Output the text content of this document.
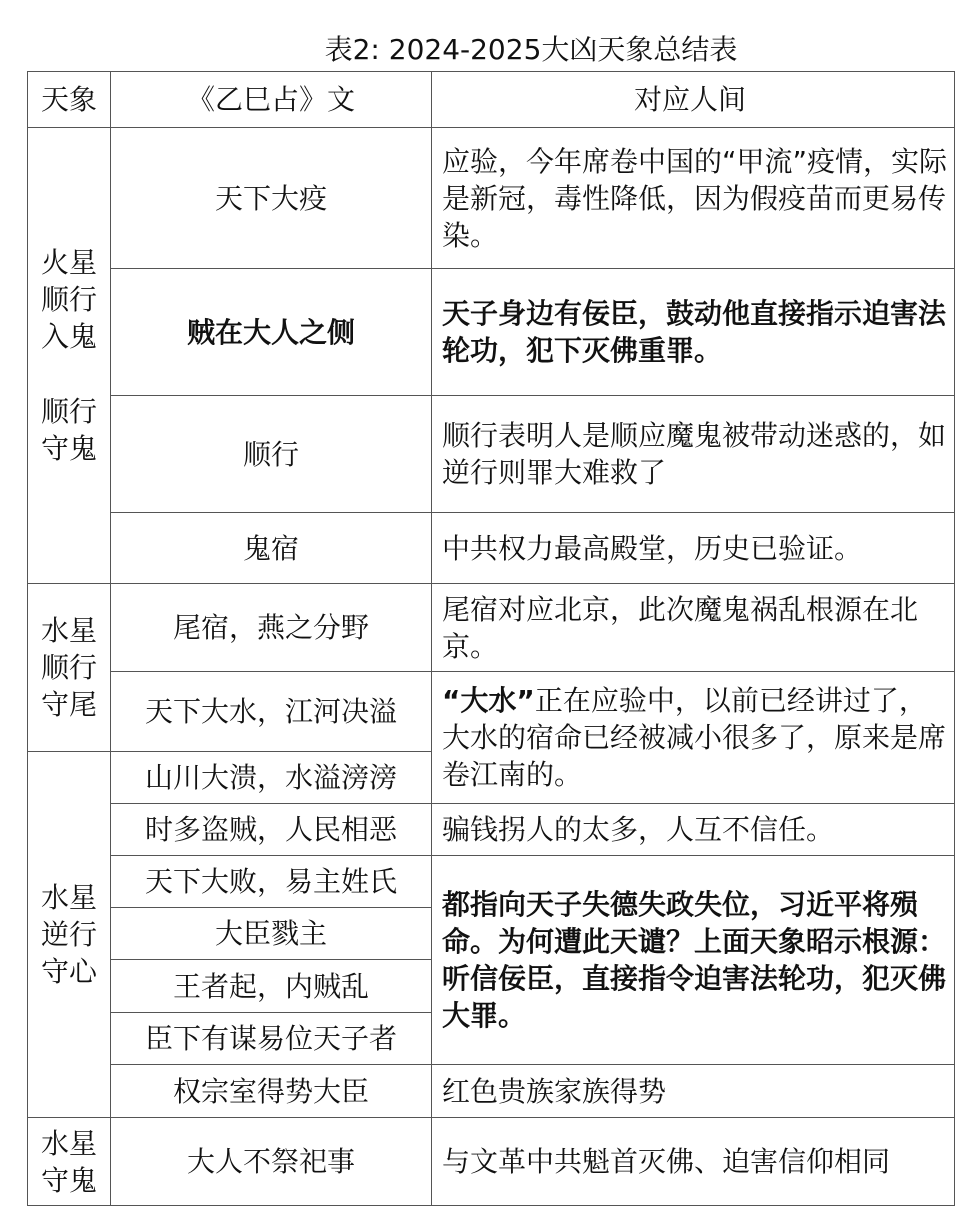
表2: 2024-2025大凶天象总结表
天象	《乙巳占》文	对应人间

火星
顺行
入鬼
顺行
守鬼	天下大疫	应验，今年席卷中国的“甲流”疫情，实际是新冠，毒性降低，因为假疫苗而更易传染。
	贼在大人之侧	天子身边有佞臣，鼓动他直接指示迫害法轮功，犯下灭佛重罪。
	顺行	顺行表明人是顺应魔鬼被带动迷惑的，如逆行则罪大难救了
	鬼宿	中共权力最高殿堂，历史已验证。

水星
顺行
守尾	尾宿，燕之分野	尾宿对应北京，此次魔鬼祸乱根源在北京。
	天下大水，江河决溢	“大水”正在应验中，以前已经讲过了，大水的宿命已经被减小很多了，原来是席卷江南的。

水星
逆行
守心	山川大溃，水溢滂滂	
	时多盗贼，人民相恶	骗钱拐人的太多，人互不信任。
	天下大败，易主姓氏	都指向天子失德失政失位，习近平将殒命。为何遭此天谴？上面天象昭示根源：听信佞臣，直接指令迫害法轮功，犯灭佛大罪。
	大臣戮主	
	王者起，内贼乱	
	臣下有谋易位天子者	
	权宗室得势大臣	红色贵族家族得势

水星
守鬼	大人不祭祀事	与文革中共魁首灭佛、迫害信仰相同
